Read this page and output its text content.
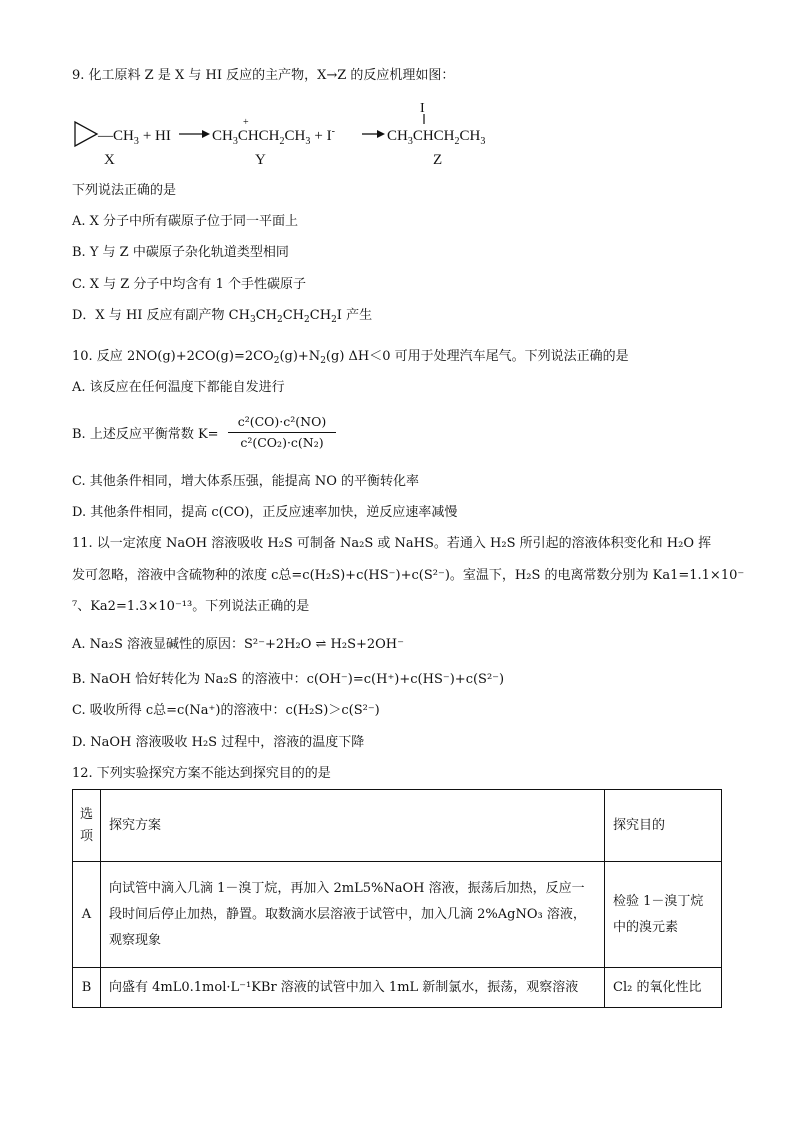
9. 化工原料 Z 是 X 与 HI 反应的主产物，X→Z 的反应机理如图：
$—CH_3$ + HI	$CH_3CHCH_2CH_3 + I^-$
+
$CH_3CHCH_2CH_3$
I
X	Y	Z
下列说法正确的是
A. X 分子中所有碳原子位于同一平面上
B. Y 与 Z 中碳原子杂化轨道类型相同
C. X 与 Z 分子中均含有 1 个手性碳原子
D．X 与 HI 反应有副产物 $CH_3CH_2CH_2CH_2I$ 产生
10. 反应 $2NO(g)+2CO(g)=2CO_2(g)+N_2(g)$ ΔH＜0 可用于处理汽车尾气。下列说法正确的是
A. 该反应在任何温度下都能自发进行
B. 上述反应平衡常数 $K= \frac{\text{c²(CO)·c²(NO)}}{\text{c²(CO₂)·c(N₂)}}$
C. 其他条件相同，增大体系压强，能提高 NO 的平衡转化率
D. 其他条件相同，提高 c(CO)，正反应速率加快，逆反应速率减慢
11. 以一定浓度 NaOH 溶液吸收 H₂S 可制备 Na₂S 或 NaHS。若通入 H₂S 所引起的溶液体积变化和 H₂O 挥
发可忽略，溶液中含硫物种的浓度 c总=c(H₂S)+c(HS⁻)+c(S²⁻)。室温下，H₂S 的电离常数分别为 Ka1=1.1×10⁻
⁷、Ka2=1.3×10⁻¹³。下列说法正确的是
A. Na₂S 溶液显碱性的原因：S²⁻+2H₂O ⇌ H₂S+2OH⁻
B. NaOH 恰好转化为 Na₂S 的溶液中：c(OH⁻)=c(H⁺)+c(HS⁻)+c(S²⁻)
C. 吸收所得 c总=c(Na⁺)的溶液中：c(H₂S)＞c(S²⁻)
D. NaOH 溶液吸收 H₂S 过程中，溶液的温度下降
12. 下列实验探究方案不能达到探究目的的是
选
项	探究方案	探究目的
A	向试管中滴入几滴 1－溴丁烷，再加入 2mL5%NaOH 溶液，振荡后加热，反应一段时间后停止加热，静置。取数滴水层溶液于试管中，加入几滴 2%AgNO₃ 溶液，观察现象	检验 1－溴丁烷中的溴元素
B	向盛有 4mL0.1mol·L⁻¹KBr 溶液的试管中加入 1mL 新制氯水，振荡，观察溶液	Cl₂ 的氧化性比
